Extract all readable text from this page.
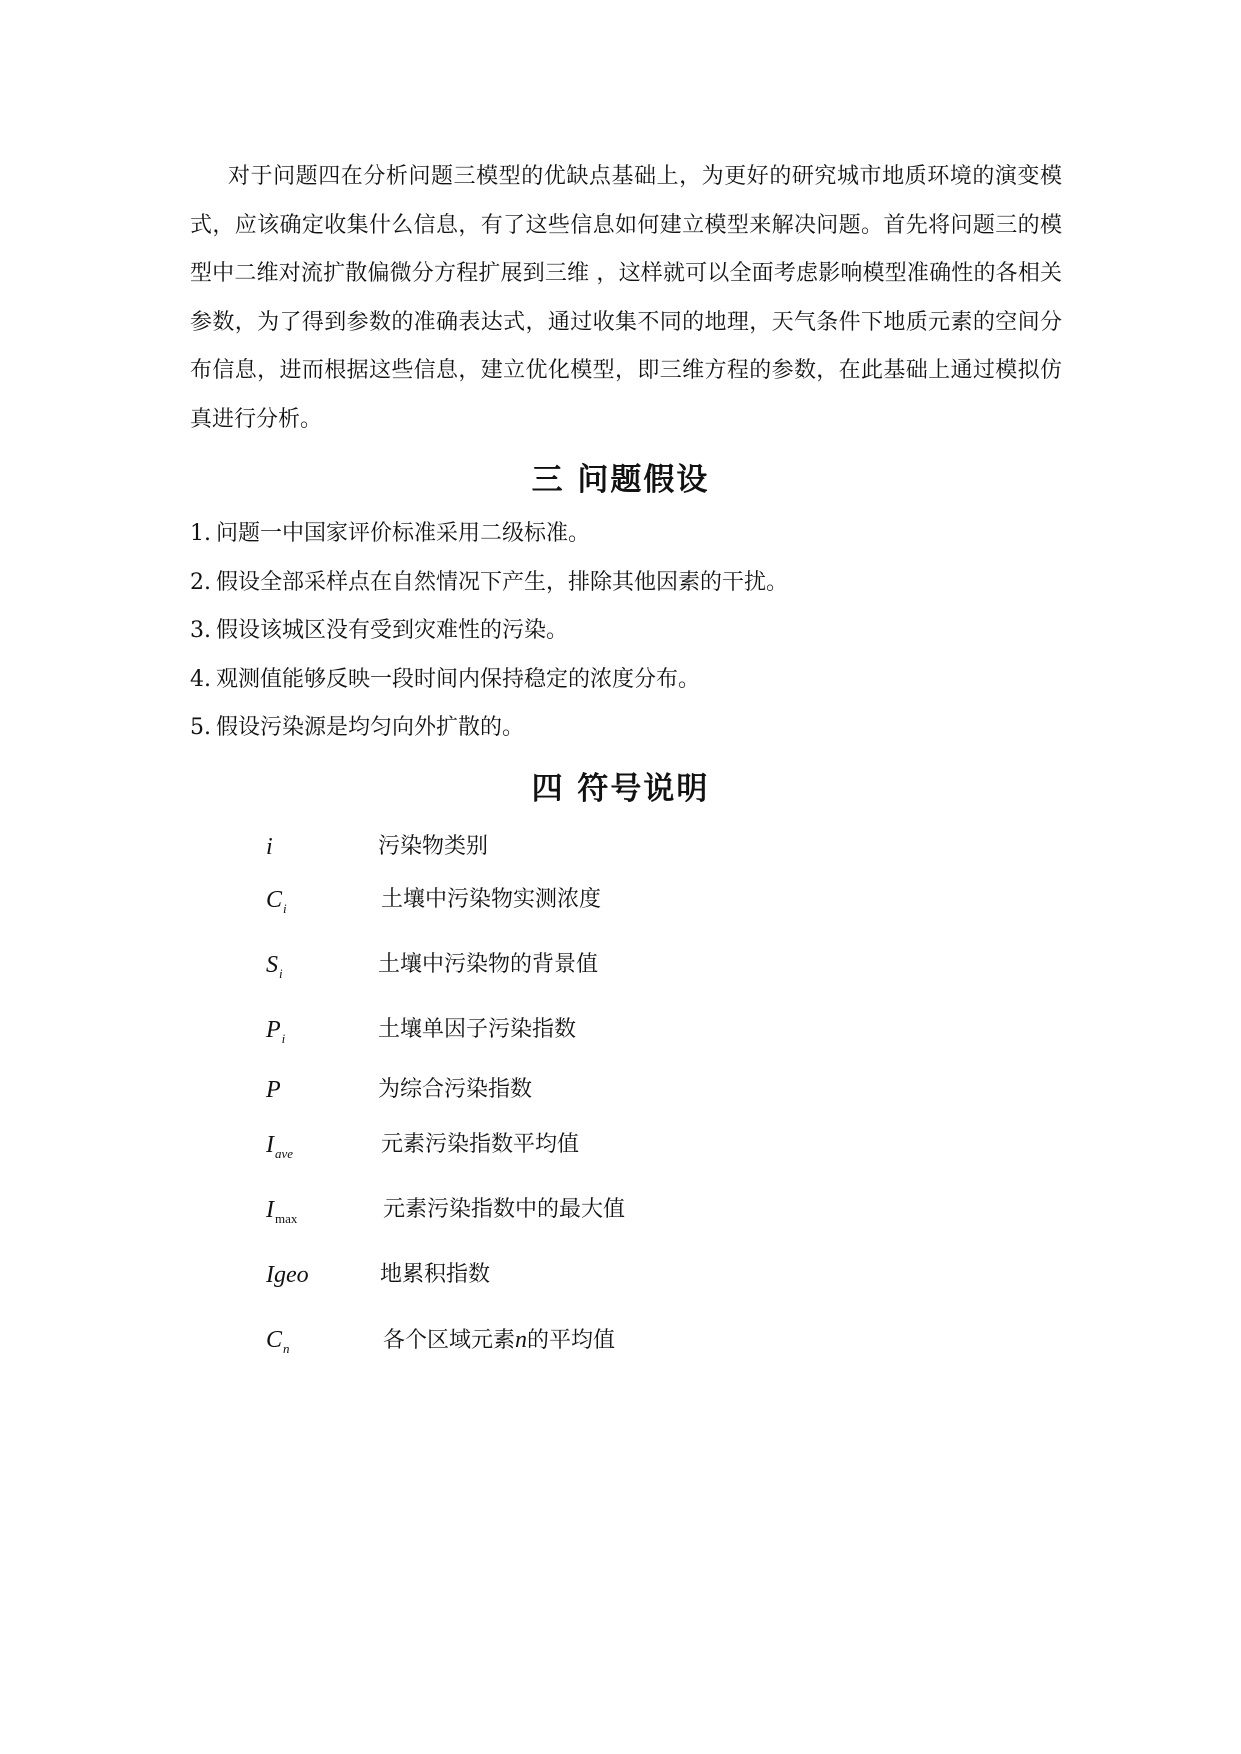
对于问题四在分析问题三模型的优缺点基础上，为更好的研究城市地质环境的演变模式，应该确定收集什么信息，有了这些信息如何建立模型来解决问题。首先将问题三的模型中二维对流扩散偏微分方程扩展到三维 ，这样就可以全面考虑影响模型准确性的各相关参数，为了得到参数的准确表达式，通过收集不同的地理，天气条件下地质元素的空间分布信息，进而根据这些信息，建立优化模型，即三维方程的参数，在此基础上通过模拟仿真进行分析。

三 问题假设
1. 问题一中国家评价标准采用二级标准。
2. 假设全部采样点在自然情况下产生，排除其他因素的干扰。
3. 假设该城区没有受到灾难性的污染。
4. 观测值能够反映一段时间内保持稳定的浓度分布。
5. 假设污染源是均匀向外扩散的。
四 符号说明
i	污染物类别
$C_i$	土壤中污染物实测浓度
$S_i$	土壤中污染物的背景值
$P_i$	土壤单因子污染指数
P	为综合污染指数
$I_{ave}$	元素污染指数平均值
$I_{max}$	元素污染指数中的最大值
Igeo	地累积指数
$C_n$	各个区域元素n的平均值
